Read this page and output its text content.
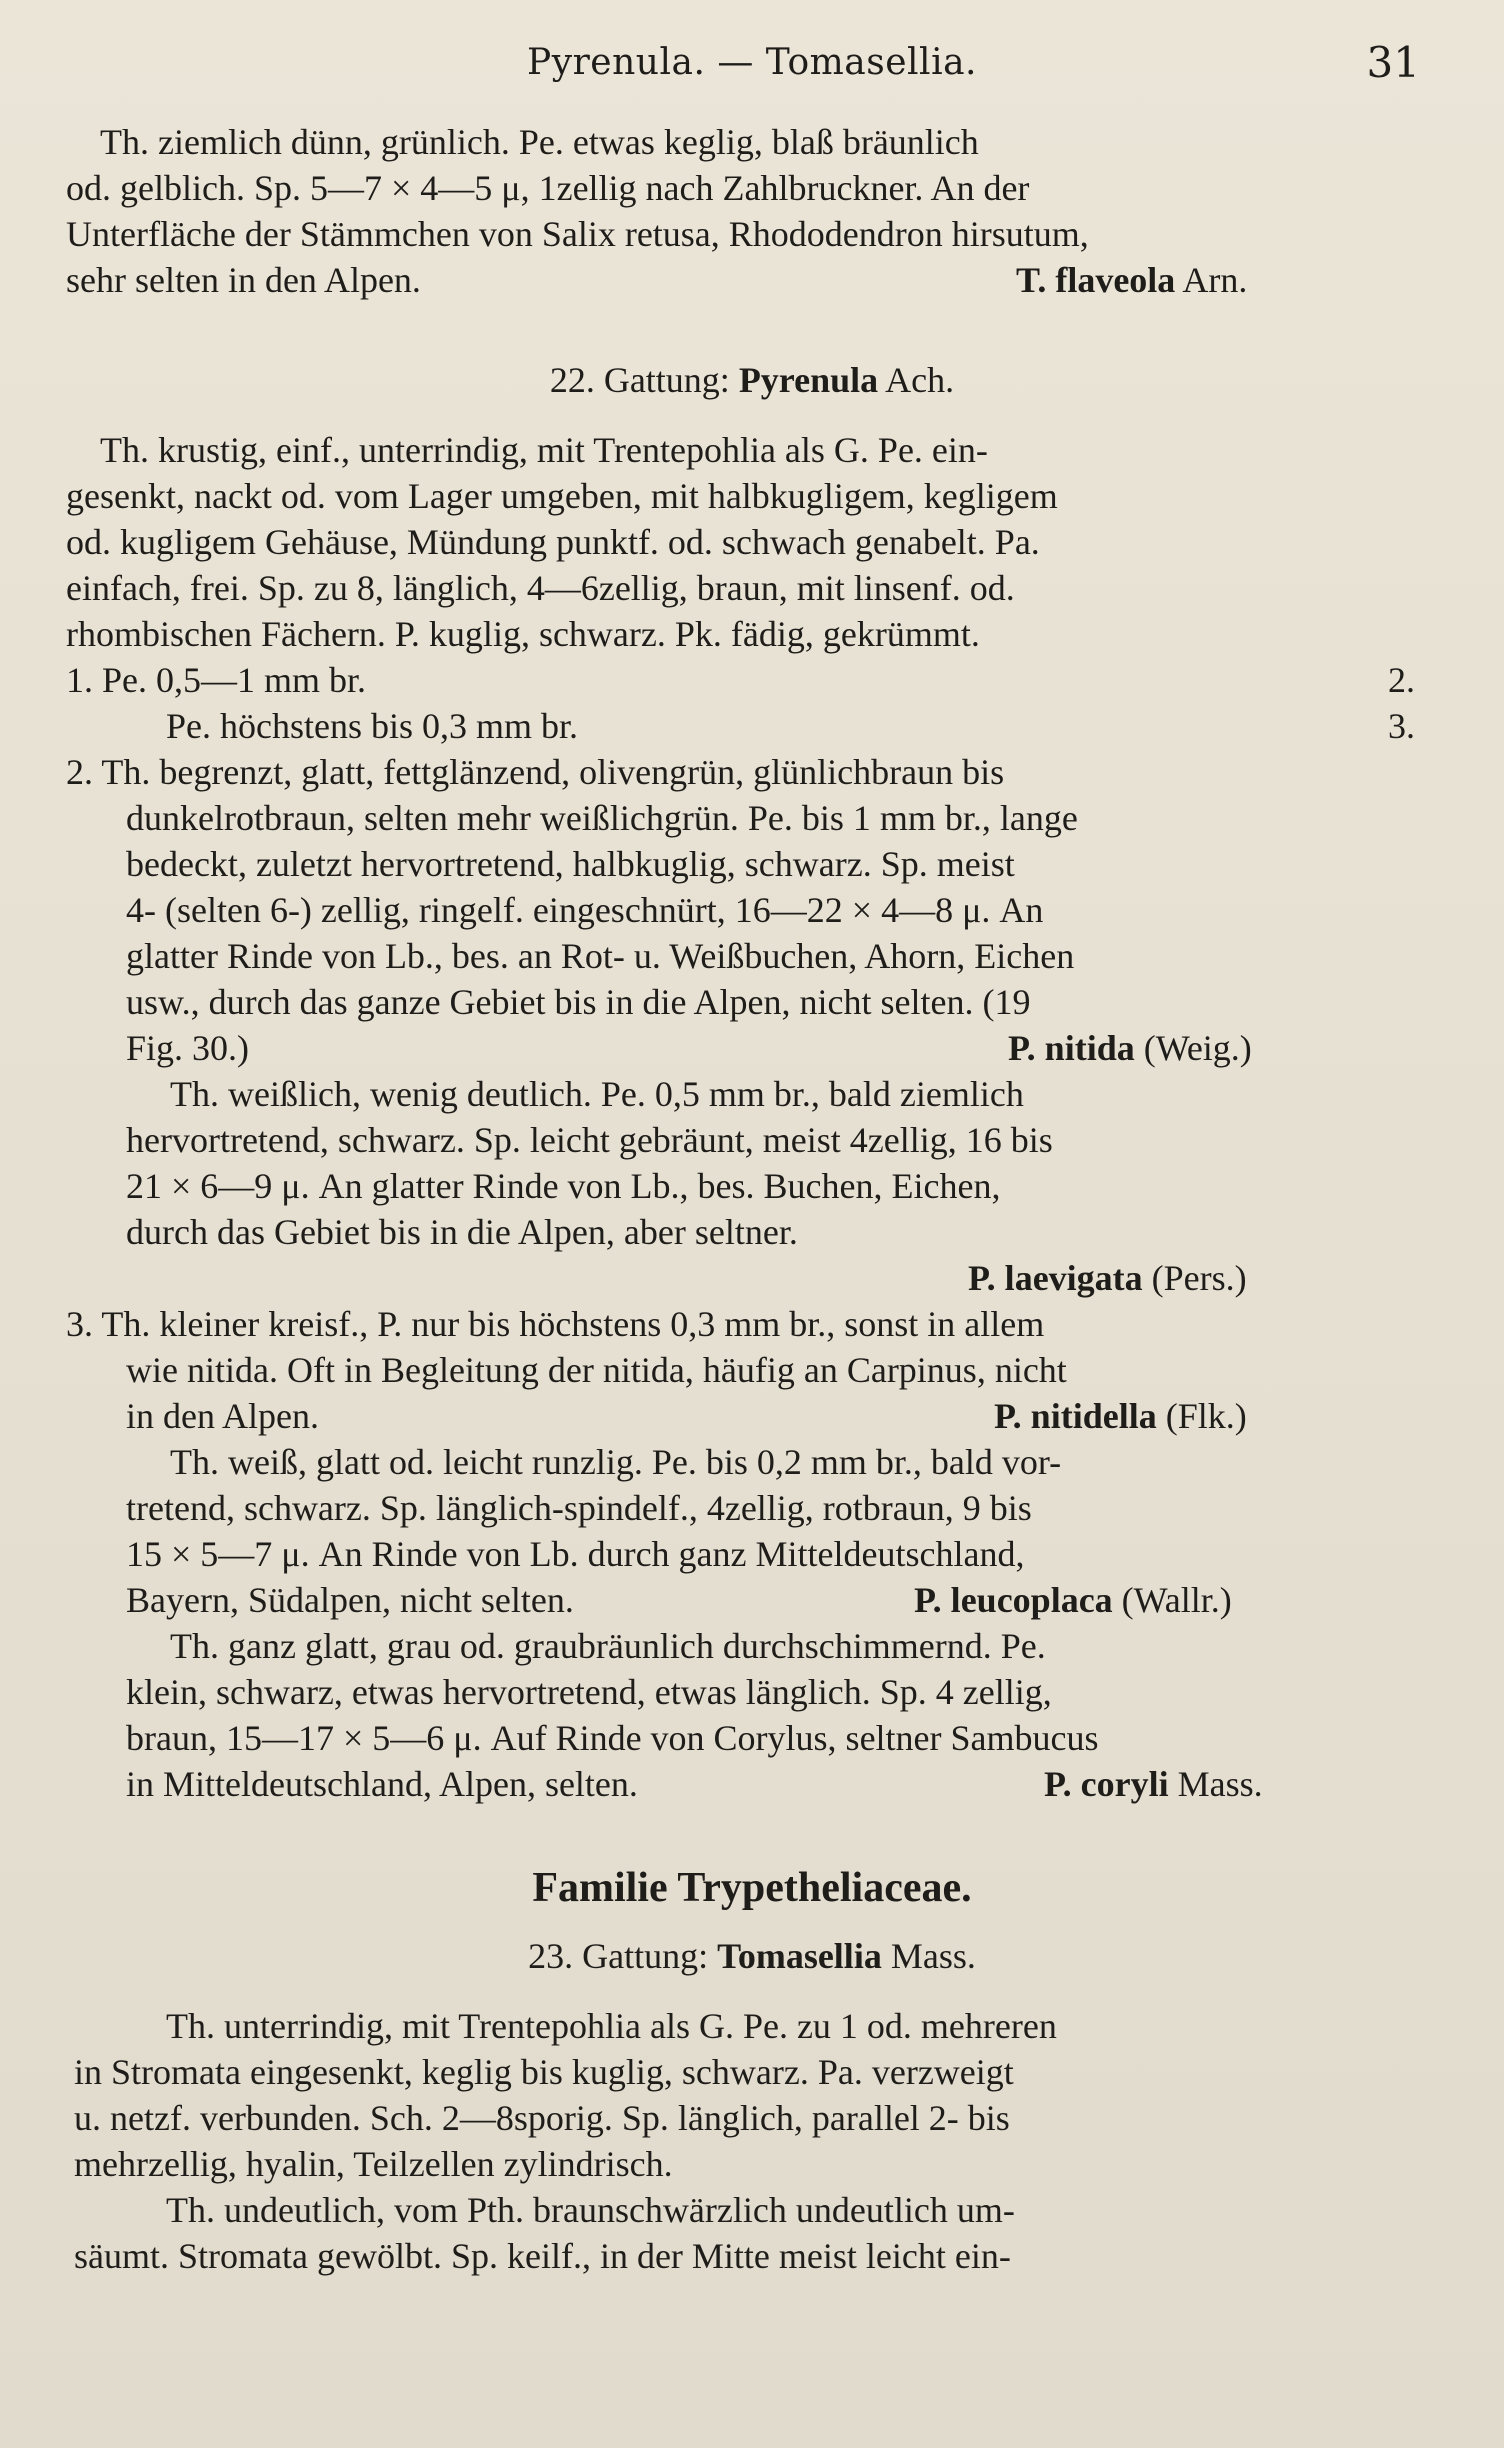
Pyrenula. — Tomasellia.	31
Th. ziemlich dünn, grünlich. Pe. etwas keglig, blaß bräunlich
od. gelblich. Sp. 5—7 × 4—5 μ, 1zellig nach Zahlbruckner. An der
Unterfläche der Stämmchen von Salix retusa, Rhododendron hirsutum,
sehr selten in den Alpen.	T. flaveola Arn.
22. Gattung: Pyrenula Ach.
Th. krustig, einf., unterrindig, mit Trentepohlia als G. Pe. ein-
gesenkt, nackt od. vom Lager umgeben, mit halbkugligem, kegligem
od. kugligem Gehäuse, Mündung punktf. od. schwach genabelt. Pa.
einfach, frei. Sp. zu 8, länglich, 4—6zellig, braun, mit linsenf. od.
rhombischen Fächern. P. kuglig, schwarz. Pk. fädig, gekrümmt.
1. Pe. 0,5—1 mm br.	2.
Pe. höchstens bis 0,3 mm br.	3.
2. Th. begrenzt, glatt, fettglänzend, olivengrün, glünlichbraun bis
dunkelrotbraun, selten mehr weißlichgrün. Pe. bis 1 mm br., lange
bedeckt, zuletzt hervortretend, halbkuglig, schwarz. Sp. meist
4- (selten 6-) zellig, ringelf. eingeschnürt, 16—22 × 4—8 μ. An
glatter Rinde von Lb., bes. an Rot- u. Weißbuchen, Ahorn, Eichen
usw., durch das ganze Gebiet bis in die Alpen, nicht selten. (19
Fig. 30.)	P. nitida (Weig.)
Th. weißlich, wenig deutlich. Pe. 0,5 mm br., bald ziemlich
hervortretend, schwarz. Sp. leicht gebräunt, meist 4zellig, 16 bis
21 × 6—9 μ. An glatter Rinde von Lb., bes. Buchen, Eichen,
durch das Gebiet bis in die Alpen, aber seltner.
P. laevigata (Pers.)
3. Th. kleiner kreisf., P. nur bis höchstens 0,3 mm br., sonst in allem
wie nitida. Oft in Begleitung der nitida, häufig an Carpinus, nicht
in den Alpen.	P. nitidella (Flk.)
Th. weiß, glatt od. leicht runzlig. Pe. bis 0,2 mm br., bald vor-
tretend, schwarz. Sp. länglich-spindelf., 4zellig, rotbraun, 9 bis
15 × 5—7 μ. An Rinde von Lb. durch ganz Mitteldeutschland,
Bayern, Südalpen, nicht selten.	P. leucoplaca (Wallr.)
Th. ganz glatt, grau od. graubräunlich durchschimmernd. Pe.
klein, schwarz, etwas hervortretend, etwas länglich. Sp. 4 zellig,
braun, 15—17 × 5—6 μ. Auf Rinde von Corylus, seltner Sambucus
in Mitteldeutschland, Alpen, selten.	P. coryli Mass.
Familie Trypetheliaceae.
23. Gattung: Tomasellia Mass.
Th. unterrindig, mit Trentepohlia als G. Pe. zu 1 od. mehreren
in Stromata eingesenkt, keglig bis kuglig, schwarz. Pa. verzweigt
u. netzf. verbunden. Sch. 2—8sporig. Sp. länglich, parallel 2- bis
mehrzellig, hyalin, Teilzellen zylindrisch.
Th. undeutlich, vom Pth. braunschwärzlich undeutlich um-
säumt. Stromata gewölbt. Sp. keilf., in der Mitte meist leicht ein-
